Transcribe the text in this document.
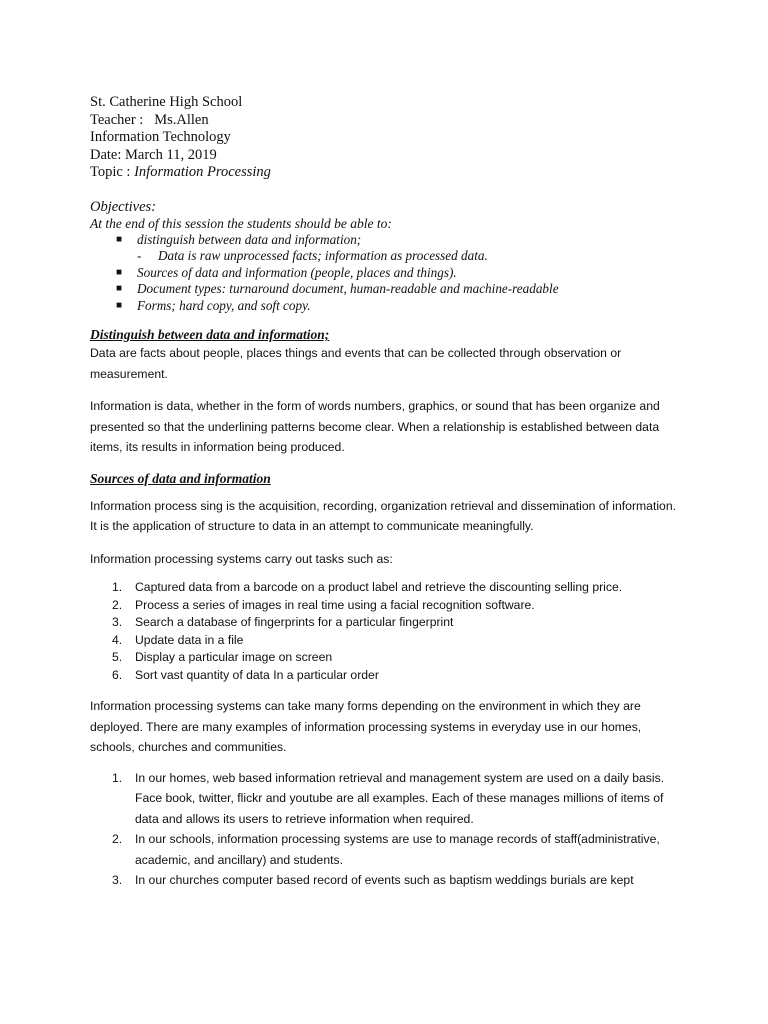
St. Catherine High School
Teacher : Ms.Allen
Information Technology
Date: March 11, 2019
Topic : Information Processing
Objectives:
At the end of this session the students should be able to:
■ distinguish between data and information;
- Data is raw unprocessed facts; information as processed data.
■ Sources of data and information (people, places and things).
■ Document types: turnaround document, human-readable and machine-readable
■ Forms; hard copy, and soft copy.
Distinguish between data and information;

Data are facts about people, places things and events that can be collected through observation or measurement.

Information is data, whether in the form of words numbers, graphics, or sound that has been organize and presented so that the underlining patterns become clear. When a relationship is established between data items, its results in information being produced.

Sources of data and information

Information process sing is the acquisition, recording, organization retrieval and dissemination of information. It is the application of structure to data in an attempt to communicate meaningfully.

Information processing systems carry out tasks such as:

1. Captured data from a barcode on a product label and retrieve the discounting selling price.
2. Process a series of images in real time using a facial recognition software.
3. Search a database of fingerprints for a particular fingerprint
4. Update data in a file
5. Display a particular image on screen
6. Sort vast quantity of data In a particular order

Information processing systems can take many forms depending on the environment in which they are deployed. There are many examples of information processing systems in everyday use in our homes, schools, churches and communities.

1. In our homes, web based information retrieval and management system are used on a daily basis. Face book, twitter, flickr and youtube are all examples. Each of these manages millions of items of data and allows its users to retrieve information when required.
2. In our schools, information processing systems are use to manage records of staff(administrative, academic, and ancillary) and students.
3. In our churches computer based record of events such as baptism weddings burials are kept
